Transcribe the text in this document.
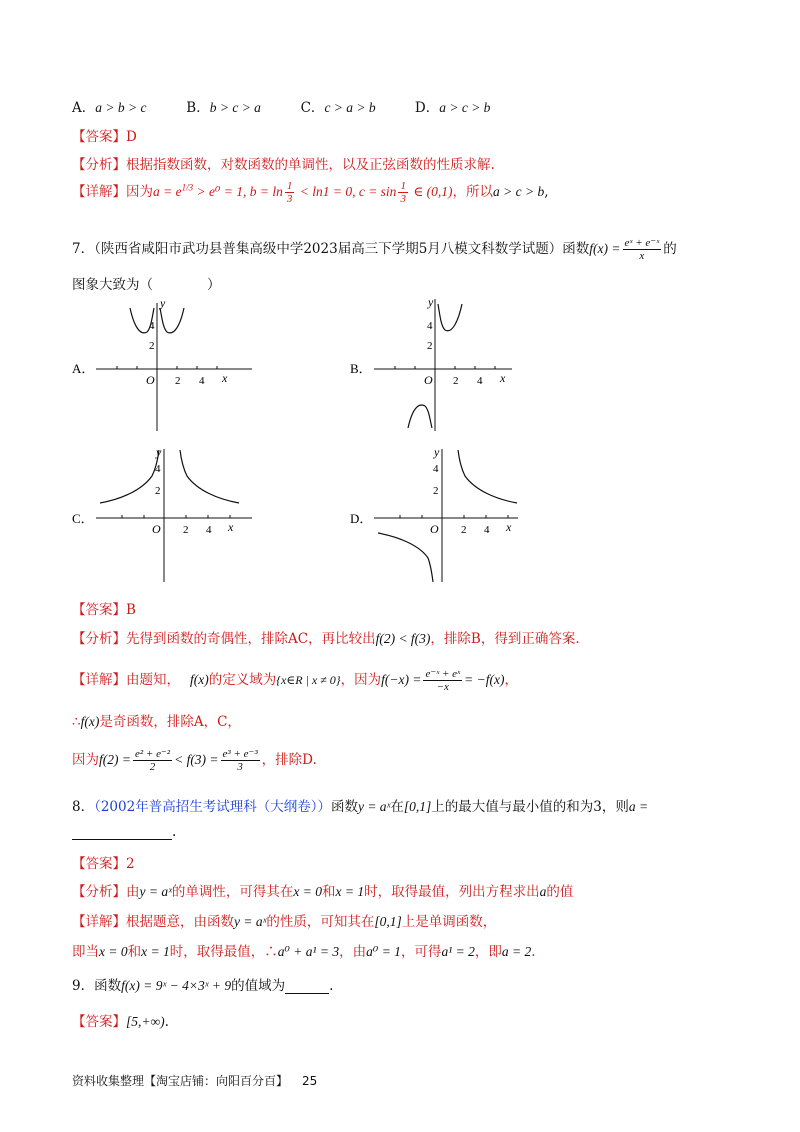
A．a > b > c	B．b > c > a	C．c > a > b	D．a > c > b
【答案】D
【分析】根据指数函数，对数函数的单调性，以及正弦函数的性质求解.
【详解】因为$a = e^{1/3} > e^0 = 1$, $b = \ln \frac{1}{3} < \ln 1 = 0$, $c = \sin \frac{1}{3}$ ∈ (0,1)，所以a > c > b,
7．（陕西省咸阳市武功县普集高级中学2023届高三下学期5月八模文科数学试题）函数$f(x) = \frac{\text{eˣ + e⁻ˣ}}{x}$ 的
图象大致为（　　　　）
A．
y
4
2
O 2 4 x
B．
y
4
2
O 2 4 x
C．
y
4
2
O 2 4 x
D．
y
4
2
O 2 4 x
【答案】B
【分析】先得到函数的奇偶性，排除AC，再比较出f(2) < f(3)，排除B，得到正确答案.
【详解】由题知， f(x)的定义域为{x∈R | x ≠ 0}，因为$f(-x) = \frac{\text{e⁻ˣ + eˣ}}{-x} = -f(x)$，
∴f(x)是奇函数，排除A，C，
因为$f(2) = \frac{\text{e² + e⁻²}}{2} < f(3) = \frac{\text{e³ + e⁻³}}{3}$ ，排除D.
8．（2002年普高招生考试理科（大纲卷））函数y = aˣ在[0,1]上的最大值与最小值的和为3，则a =
.
【答案】2
【分析】由y = aˣ的单调性，可得其在x = 0和x = 1时，取得最值，列出方程求出a的值
【详解】根据题意，由函数y = aˣ的性质，可知其在[0,1]上是单调函数，
即当x = 0和x = 1时，取得最值，∴a⁰ + a¹ = 3，由a⁰ = 1，可得a¹ = 2，即a = 2.
9．函数f(x) = 9ˣ − 4×3ˣ + 9的值域为	.
【答案】[5,+∞).
资料收集整理【淘宝店铺：向阳百分百】 25
